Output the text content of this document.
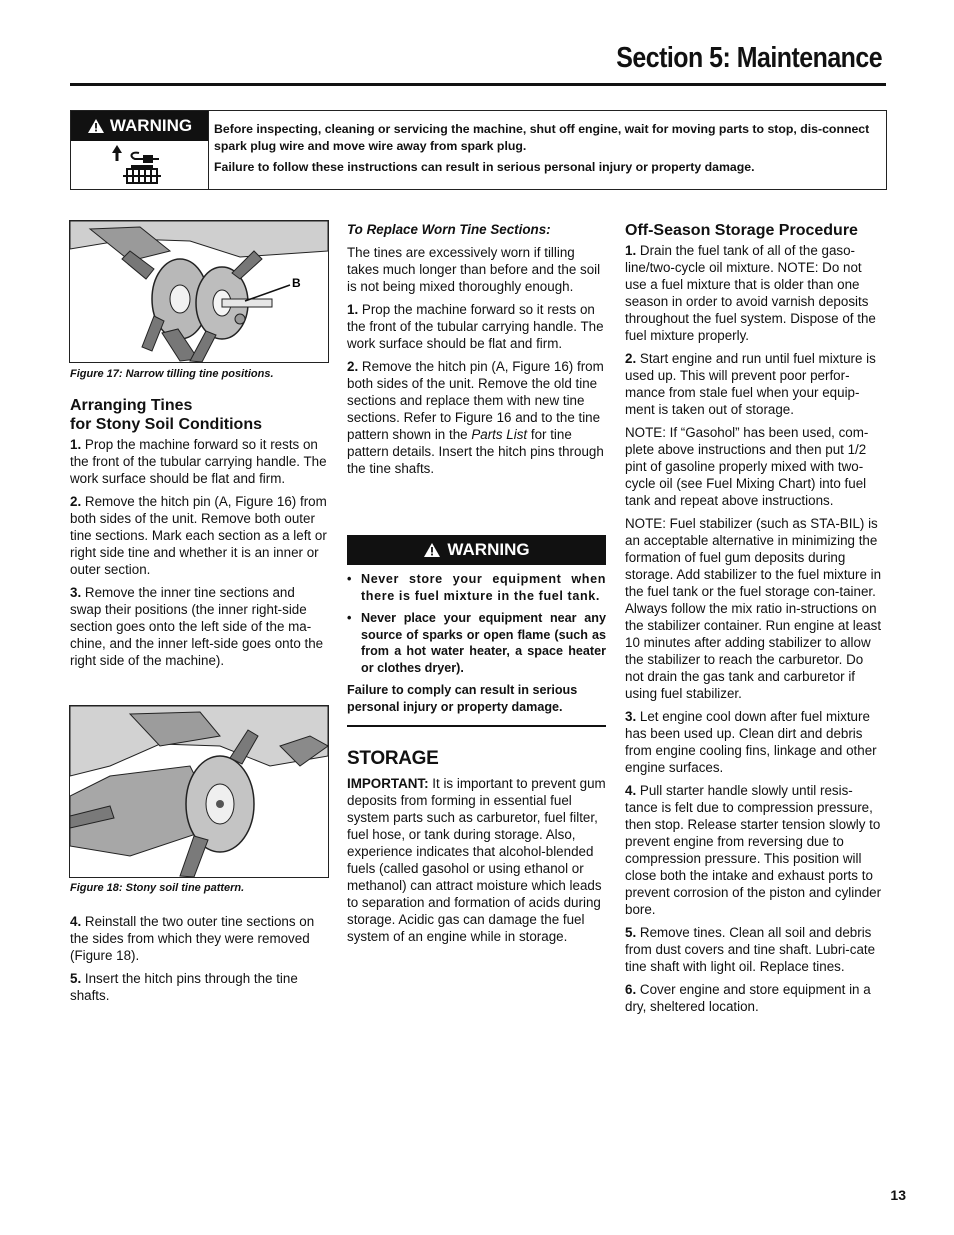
Section 5: Maintenance
WARNING Before inspecting, cleaning or servicing the machine, shut off engine, wait for moving parts to stop, dis-connect spark plug wire and move wire away from spark plug.

Failure to follow these instructions can result in serious personal injury or property damage.

B
Figure 17: Narrow tilling tine positions.
Arranging Tines
for Stony Soil Conditions

1. Prop the machine forward so it rests on the front of the tubular carrying handle. The work surface should be flat and firm.

2. Remove the hitch pin (A, Figure 16) from both sides of the unit. Remove both outer tine sections. Mark each section as a left or right side tine and whether it is an inner or outer section.

3. Remove the inner tine sections and swap their positions (the inner right-side section goes onto the left side of the ma-chine, and the inner left-side goes onto the right side of the machine).

Figure 18: Stony soil tine pattern.

4. Reinstall the two outer tine sections on the sides from which they were removed (Figure 18).

5. Insert the hitch pins through the tine shafts.

To Replace Worn Tine Sections:

The tines are excessively worn if tilling takes much longer than before and the soil is not being mixed thoroughly enough.

1. Prop the machine forward so it rests on the front of the tubular carrying handle. The work surface should be flat and firm.

2. Remove the hitch pin (A, Figure 16) from both sides of the unit. Remove the old tine sections and replace them with new tine sections. Refer to Figure 16 and to the tine pattern shown in the Parts List for tine pattern details. Insert the hitch pins through the tine shafts.

WARNING
• Never store your equipment when there is fuel mixture in the fuel tank.
• Never place your equipment near any source of sparks or open flame (such as from a hot water heater, a space heater or clothes dryer).

Failure to comply can result in serious personal injury or property damage.

STORAGE

IMPORTANT: It is important to prevent gum deposits from forming in essential fuel system parts such as carburetor, fuel filter, fuel hose, or tank during storage. Also, experience indicates that alcohol-blended fuels (called gasohol or using ethanol or methanol) can attract moisture which leads to separation and formation of acids during storage. Acidic gas can damage the fuel system of an engine while in storage.

Off-Season Storage Procedure

1. Drain the fuel tank of all of the gaso-line/two-cycle oil mixture. NOTE: Do not use a fuel mixture that is older than one season in order to avoid varnish deposits throughout the fuel system. Dispose of the fuel mixture properly.

2. Start engine and run until fuel mixture is used up. This will prevent poor perfor-mance from stale fuel when your equip-ment is taken out of storage.

NOTE: If “Gasohol” has been used, com-plete above instructions and then put 1/2 pint of gasoline properly mixed with two-cycle oil (see Fuel Mixing Chart) into fuel tank and repeat above instructions.

NOTE: Fuel stabilizer (such as STA-BIL) is an acceptable alternative in minimizing the formation of fuel gum deposits during storage. Add stabilizer to the fuel mixture in the fuel tank or the fuel storage con-tainer. Always follow the mix ratio in-structions on the stabilizer container. Run engine at least 10 minutes after adding stabilizer to allow the stabilizer to reach the carburetor. Do not drain the gas tank and carburetor if using fuel stabilizer.

3. Let engine cool down after fuel mixture has been used up. Clean dirt and debris from engine cooling fins, linkage and other engine surfaces.

4. Pull starter handle slowly until resis-tance is felt due to compression pressure, then stop. Release starter tension slowly to prevent engine from reversing due to compression pressure. This position will close both the intake and exhaust ports to prevent corrosion of the piston and cylinder bore.

5. Remove tines. Clean all soil and debris from dust covers and tine shaft. Lubri-cate tine shaft with light oil. Replace tines.

6. Cover engine and store equipment in a dry, sheltered location.

13
